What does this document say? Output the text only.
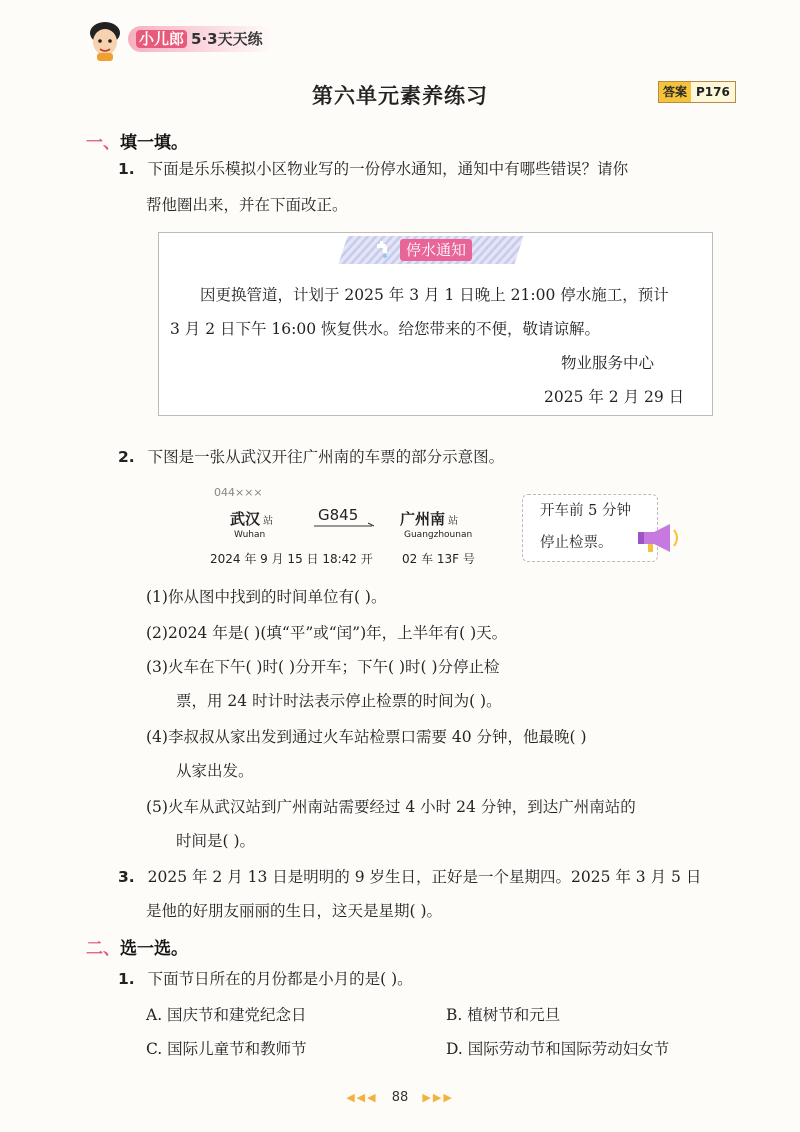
小儿郎 5·3天天练
第六单元素养练习	答案 P176
一、填一填。
1. 下面是乐乐模拟小区物业写的一份停水通知，通知中有哪些错误？请你
帮他圈出来，并在下面改正。
停水通知
因更换管道，计划于 2025 年 3 月 1 日晚上 21:00 停水施工，预计
3 月 2 日下午 16:00 恢复供水。给您带来的不便，敬请谅解。
物业服务中心
2025 年 2 月 29 日
2. 下图是一张从武汉开往广州南的车票的部分示意图。
044×××
武汉 站
Wuhan
G845	广州南 站
Guangzhounan
2024 年 9 月 15 日 18:42 开 02 车 13F 号
开车前 5 分钟
停止检票。
(1)你从图中找到的时间单位有( )。
(2)2024 年是( )(填“平”或“闰”)年，上半年有( )天。
(3)火车在下午( )时( )分开车；下午( )时( )分停止检
票，用 24 时计时法表示停止检票的时间为( )。
(4)李叔叔从家出发到通过火车站检票口需要 40 分钟，他最晚( )
从家出发。
(5)火车从武汉站到广州南站需要经过 4 小时 24 分钟，到达广州南站的
时间是( )。
3. 2025 年 2 月 13 日是明明的 9 岁生日，正好是一个星期四。2025 年 3 月 5 日
是他的好朋友丽丽的生日，这天是星期( )。
二、选一选。
1. 下面节日所在的月份都是小月的是( )。
A. 国庆节和建党纪念日	B. 植树节和元旦
C. 国际儿童节和教师节	D. 国际劳动节和国际劳动妇女节
◀◀◀ 88 ▶▶▶
